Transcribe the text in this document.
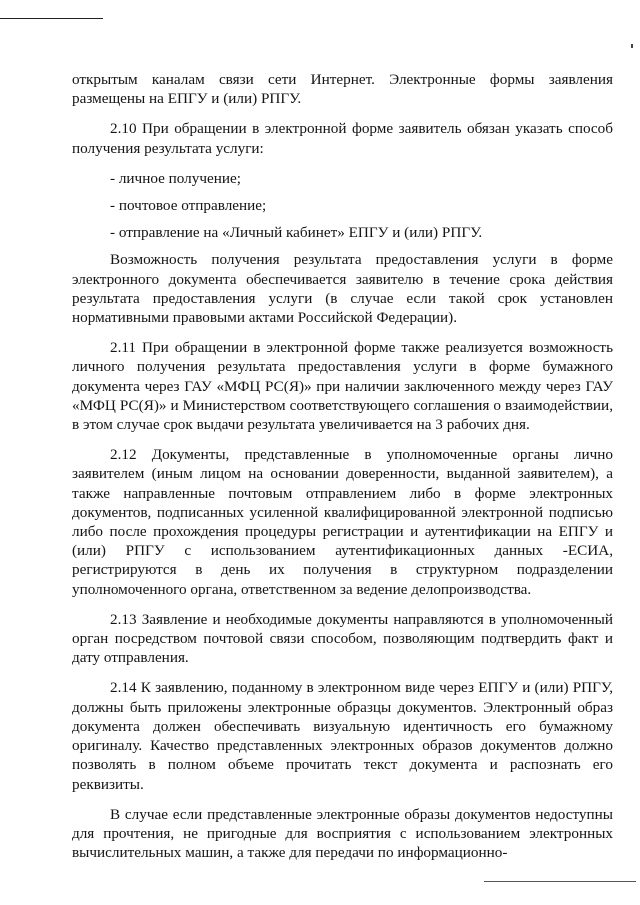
открытым каналам связи сети Интернет. Электронные формы заявления размещены на ЕПГУ и (или) РПГУ.

2.10 При обращении в электронной форме заявитель обязан указать способ получения результата услуги:

- личное получение;

- почтовое отправление;

- отправление на «Личный кабинет» ЕПГУ и (или) РПГУ.

Возможность получения результата предоставления услуги в форме электронного документа обеспечивается заявителю в течение срока действия результата предоставления услуги (в случае если такой срок установлен нормативными правовыми актами Российской Федерации).

2.11 При обращении в электронной форме также реализуется возможность личного получения результата предоставления услуги в форме бумажного документа через ГАУ «МФЦ РС(Я)» при наличии заключенного между через ГАУ «МФЦ РС(Я)» и Министерством соответствующего соглашения о взаимодействии, в этом случае срок выдачи результата увеличивается на 3 рабочих дня.

2.12 Документы, представленные в уполномоченные органы лично заявителем (иным лицом на основании доверенности, выданной заявителем), а также направленные почтовым отправлением либо в форме электронных документов, подписанных усиленной квалифицированной электронной подписью либо после прохождения процедуры регистрации и аутентификации на ЕПГУ и (или) РПГУ с использованием аутентификационных данных -ЕСИА, регистрируются в день их получения в структурном подразделении уполномоченного органа, ответственном за ведение делопроизводства.

2.13 Заявление и необходимые документы направляются в уполномоченный орган посредством почтовой связи способом, позволяющим подтвердить факт и дату отправления.

2.14 К заявлению, поданному в электронном виде через ЕПГУ и (или) РПГУ, должны быть приложены электронные образцы документов. Электронный образ документа должен обеспечивать визуальную идентичность его бумажному оригиналу. Качество представленных электронных образов документов должно позволять в полном объеме прочитать текст документа и распознать его реквизиты.

В случае если представленные электронные образы документов недоступны для прочтения, не пригодные для восприятия с использованием электронных вычислительных машин, а также для передачи по информационно-
